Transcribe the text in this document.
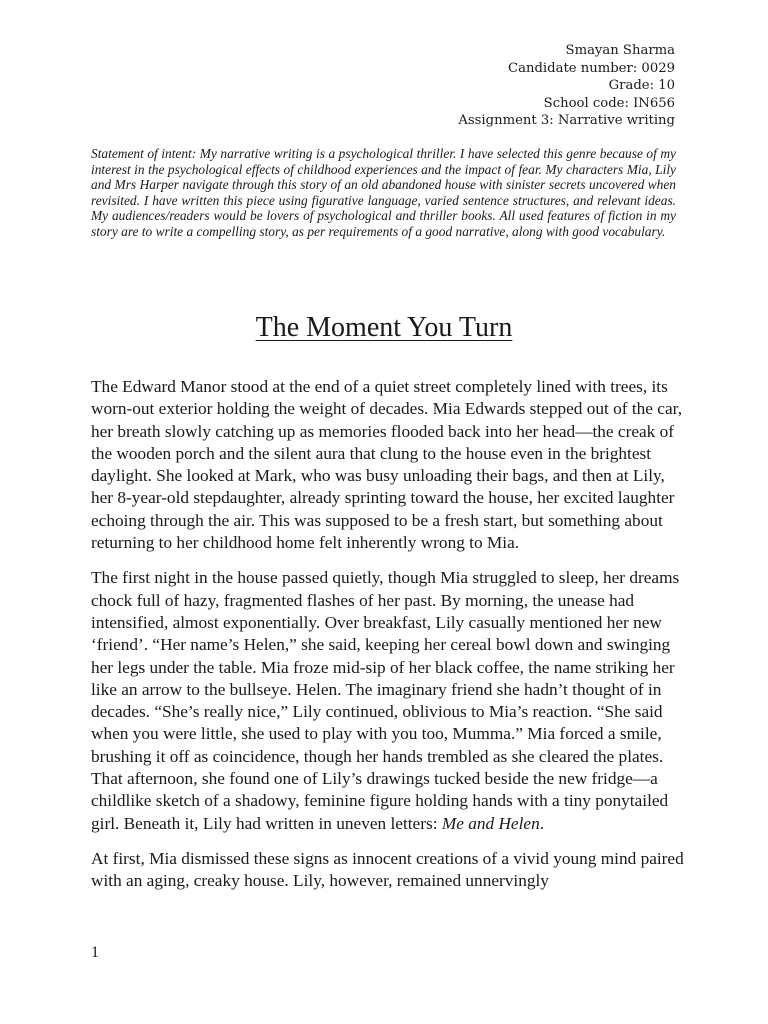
Smayan Sharma
Candidate number: 0029
Grade: 10
School code: IN656
Assignment 3: Narrative writing
Statement of intent: My narrative writing is a psychological thriller. I have selected this genre because of my interest in the psychological effects of childhood experiences and the impact of fear. My characters Mia, Lily and Mrs Harper navigate through this story of an old abandoned house with sinister secrets uncovered when revisited. I have written this piece using figurative language, varied sentence structures, and relevant ideas. My audiences/readers would be lovers of psychological and thriller books. All used features of fiction in my story are to write a compelling story, as per requirements of a good narrative, along with good vocabulary.
The Moment You Turn

The Edward Manor stood at the end of a quiet street completely lined with trees, its worn-out exterior holding the weight of decades. Mia Edwards stepped out of the car, her breath slowly catching up as memories flooded back into her head—the creak of the wooden porch and the silent aura that clung to the house even in the brightest daylight. She looked at Mark, who was busy unloading their bags, and then at Lily, her 8-year-old stepdaughter, already sprinting toward the house, her excited laughter echoing through the air. This was supposed to be a fresh start, but something about returning to her childhood home felt inherently wrong to Mia.

The first night in the house passed quietly, though Mia struggled to sleep, her dreams chock full of hazy, fragmented flashes of her past. By morning, the unease had intensified, almost exponentially. Over breakfast, Lily casually mentioned her new ‘friend’. “Her name’s Helen,” she said, keeping her cereal bowl down and swinging her legs under the table. Mia froze mid-sip of her black coffee, the name striking her like an arrow to the bullseye. Helen. The imaginary friend she hadn’t thought of in decades. “She’s really nice,” Lily continued, oblivious to Mia’s reaction. “She said when you were little, she used to play with you too, Mumma.” Mia forced a smile, brushing it off as coincidence, though her hands trembled as she cleared the plates. That afternoon, she found one of Lily’s drawings tucked beside the new fridge—a childlike sketch of a shadowy, feminine figure holding hands with a tiny ponytailed girl. Beneath it, Lily had written in uneven letters: Me and Helen.

At first, Mia dismissed these signs as innocent creations of a vivid young mind paired with an aging, creaky house. Lily, however, remained unnervingly

1
